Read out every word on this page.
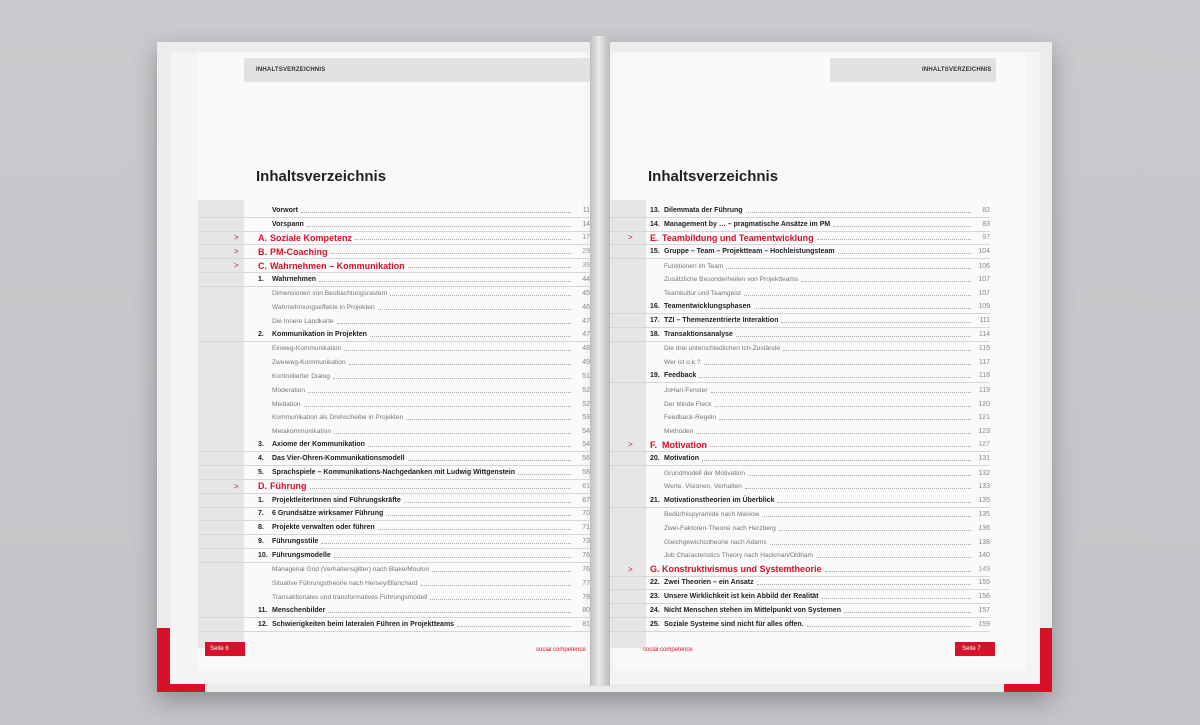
INHALTSVERZEICHNIS
Inhaltsverzeichnis
Vorwort	11
Vorspann	14
>	A. Soziale Kompetenz	17
>	B. PM-Coaching	29
>	C. Wahrnehmen – Kommunikation	39
1.	Wahrnehmen	44
Dimensionen von Beobachtungsrastern	45
Wahrnehmungseffekte in Projekten	46
Die Innere Landkarte	47
2.	Kommunikation in Projekten	47
Einweg-Kommunikation	48
Zweiweg-Kommunikation	49
Kontrollierter Dialog	51
Moderation	52
Mediation	52
Kommunikation als Drehscheibe in Projekten	53
Metakommunikation	54
3.	Axiome der Kommunikation	54
4.	Das Vier-Ohren-Kommunikationsmodell	56
5.	Sprachspiele – Kommunikations-Nachgedanken mit Ludwig Wittgenstein	58
>	D. Führung	61
1.	ProjektleiterInnen sind Führungskräfte	67
7.	6 Grundsätze wirksamer Führung	70
8.	Projekte verwalten oder führen	71
9.	Führungsstile	73
10. Führungsmodelle	76
Managerial Grid (Verhaltensgitter) nach Blake/Mouton	76
Situative Führungstheorie nach Hersey/Blanchard	77
Transaktionales und transformatives Führungsmodell	78
11. Menschenbilder	80
12. Schwierigkeiten beim lateralen Führen in Projektteams	81
INHALTSVERZEICHNIS
Inhaltsverzeichnis
13. Dilemmata der Führung	82
14. Management by … – pragmatische Ansätze im PM	83
>	E. Teambildung und Teamentwicklung	97
15. Gruppe – Team – Projektteam – Hochleistungsteam	104
Funktionen im Team	106
Zusätzliche Besonderheiten von Projektteams	107
Teamkultur und Teamgeist	107
16. Teamentwicklungsphasen	109
17. TZI – Themenzentrierte Interaktion	111
18. Transaktionsanalyse	114
Die drei unterschiedlichen Ich-Zustände	115
Wer ist o.k.?	117
19. Feedback	118
JoHari-Fenster	119
Der blinde Fleck	120
Feedback-Regeln	121
Methoden	123
>	F. Motivation	127
20. Motivation	131
Grundmodell der Motivation	132
Werte, Visionen, Verhalten	133
21. Motivationstheorien im Überblick	135
Bedürfnispyramide nach Maslow	135
Zwei-Faktoren-Theorie nach Herzberg	136
Gleichgewichtstheorie nach Adams	138
Job Characteristics Theory nach Hackman/Oldham	140
>	G. Konstruktivismus und Systemtheorie	149
22. Zwei Theorien – ein Ansatz	155
23. Unsere Wirklichkeit ist kein Abbild der Realität	156
24. Nicht Menschen stehen im Mittelpunkt von Systemen	157
25. Soziale Systeme sind nicht für alles offen.	159
Seite 6	social competence	Seite 7
social competence
